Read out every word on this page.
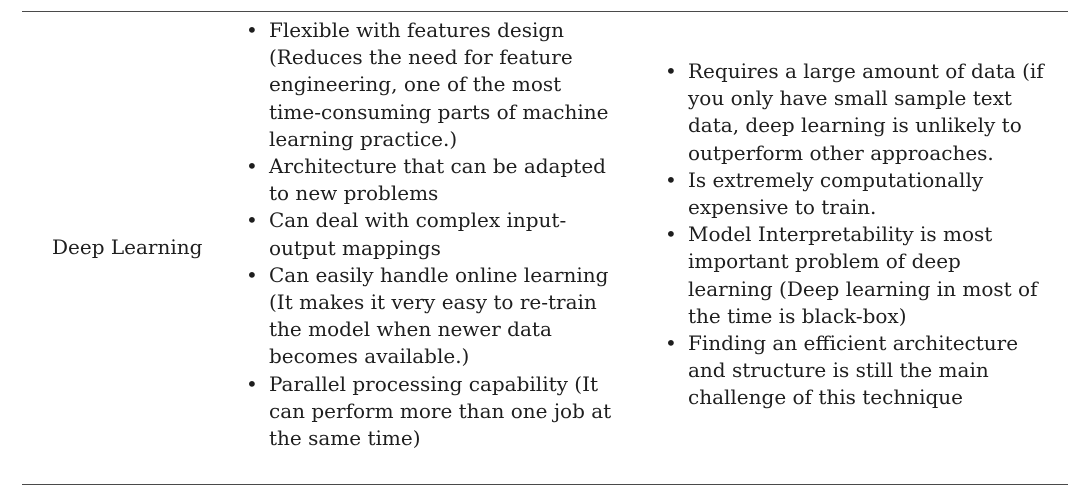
Deep Learning
• Flexible with features design (Reduces the need for feature engineering, one of the most time-consuming parts of machine learning practice.)
• Architecture that can be adapted to new problems
• Can deal with complex input-output mappings
• Can easily handle online learning (It makes it very easy to re-train the model when newer data becomes available.)
• Parallel processing capability (It can perform more than one job at the same time)
• Requires a large amount of data (if you only have small sample text data, deep learning is unlikely to outperform other approaches.
• Is extremely computationally expensive to train.
• Model Interpretability is most important problem of deep learning (Deep learning in most of the time is black-box)
• Finding an efficient architecture and structure is still the main challenge of this technique
